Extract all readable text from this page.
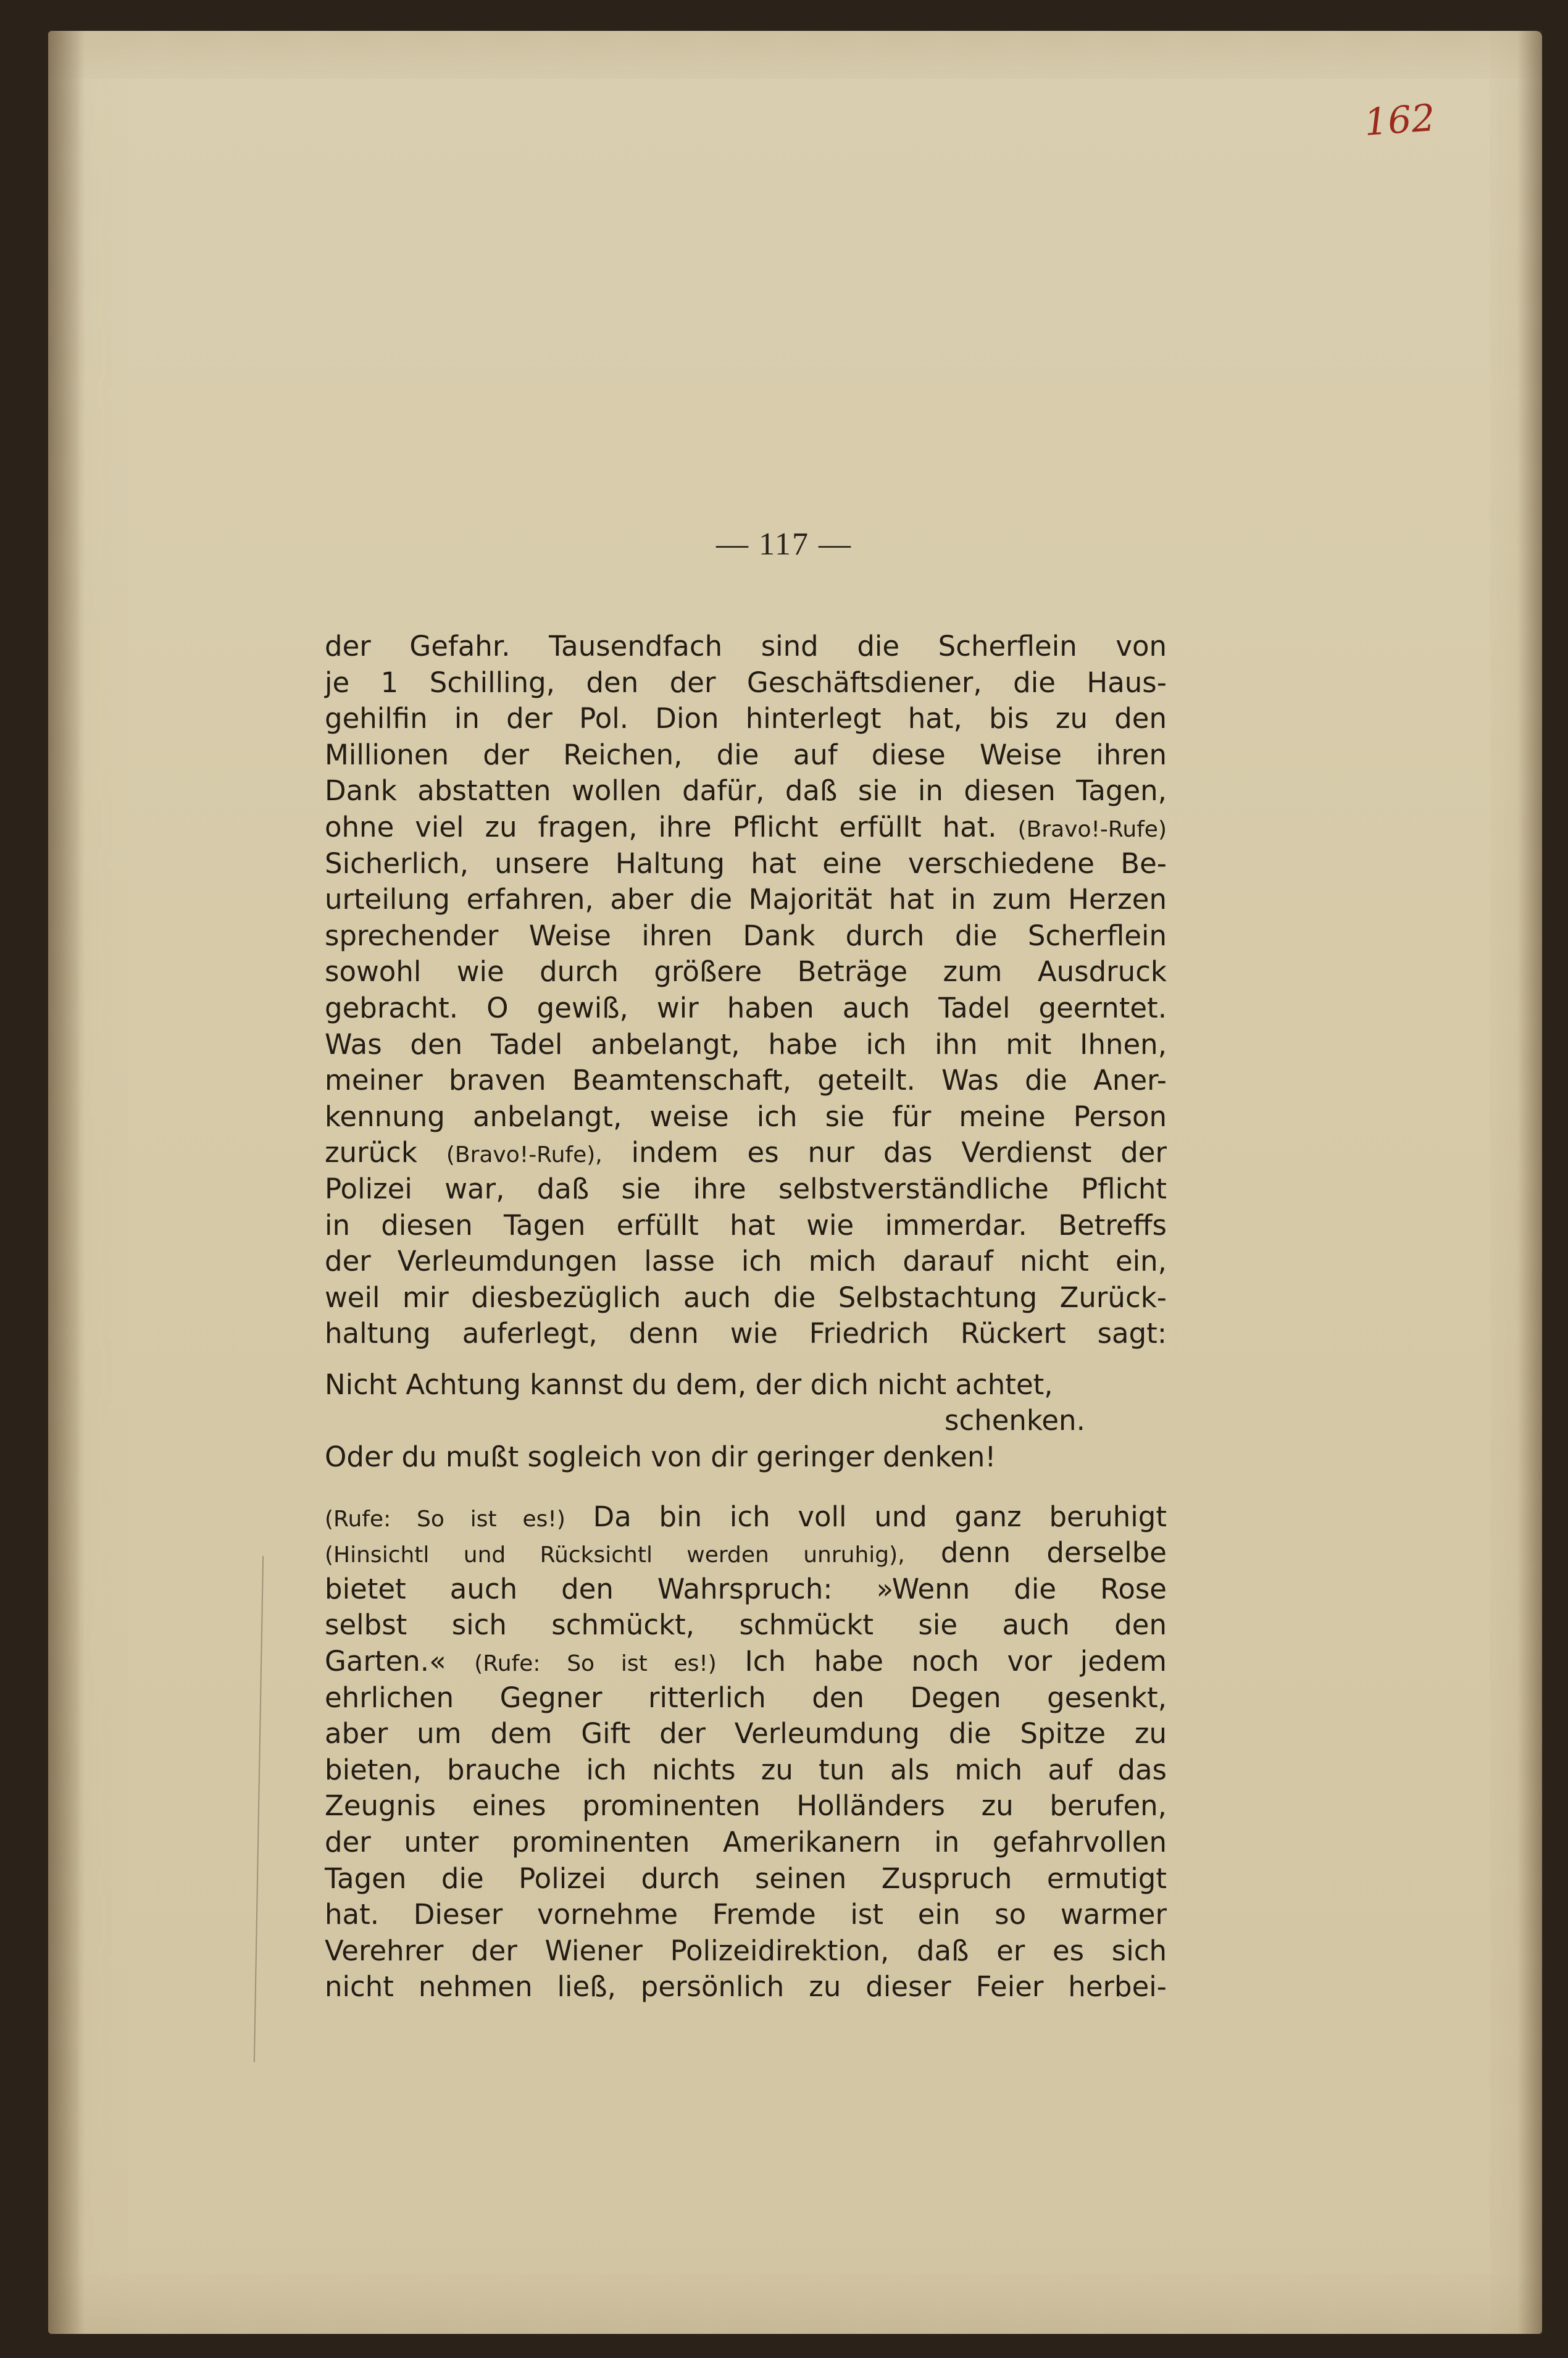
162
— 117 —
der Gefahr. Tausendfach sind die Scherflein von
je 1 Schilling, den der Geschäftsdiener, die Haus-
gehilfin in der Pol. Dion hinterlegt hat, bis zu den
Millionen der Reichen, die auf diese Weise ihren
Dank abstatten wollen dafür, daß sie in diesen Tagen,
ohne viel zu fragen, ihre Pflicht erfüllt hat. (Bravo!-Rufe)
Sicherlich, unsere Haltung hat eine verschiedene Be-
urteilung erfahren, aber die Majorität hat in zum Herzen
sprechender Weise ihren Dank durch die Scherflein
sowohl wie durch größere Beträge zum Ausdruck
gebracht. O gewiß, wir haben auch Tadel geerntet.
Was den Tadel anbelangt, habe ich ihn mit Ihnen,
meiner braven Beamtenschaft, geteilt. Was die Aner-
kennung anbelangt, weise ich sie für meine Person
zurück (Bravo!-Rufe), indem es nur das Verdienst der
Polizei war, daß sie ihre selbstverständliche Pflicht
in diesen Tagen erfüllt hat wie immerdar. Betreffs
der Verleumdungen lasse ich mich darauf nicht ein,
weil mir diesbezüglich auch die Selbstachtung Zurück-
haltung auferlegt, denn wie Friedrich Rückert sagt:
Nicht Achtung kannst du dem, der dich nicht achtet,
schenken.
Oder du mußt sogleich von dir geringer denken!
(Rufe: So ist es!) Da bin ich voll und ganz beruhigt
(Hinsichtl und Rücksichtl werden unruhig), denn derselbe
bietet auch den Wahrspruch: »Wenn die Rose
selbst sich schmückt, schmückt sie auch den
Garten.« (Rufe: So ist es!) Ich habe noch vor jedem
ehrlichen Gegner ritterlich den Degen gesenkt,
aber um dem Gift der Verleumdung die Spitze zu
bieten, brauche ich nichts zu tun als mich auf das
Zeugnis eines prominenten Holländers zu berufen,
der unter prominenten Amerikanern in gefahrvollen
Tagen die Polizei durch seinen Zuspruch ermutigt
hat. Dieser vornehme Fremde ist ein so warmer
Verehrer der Wiener Polizeidirektion, daß er es sich
nicht nehmen ließ, persönlich zu dieser Feier herbei-
